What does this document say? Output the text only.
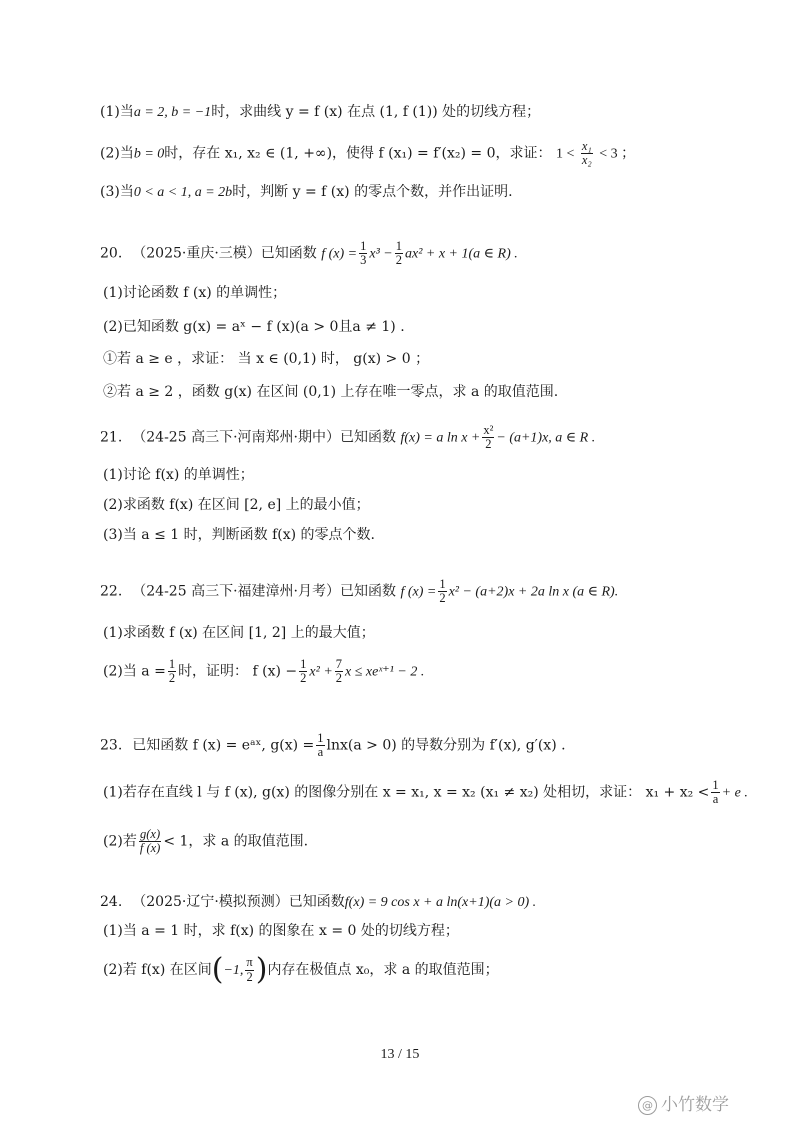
(1)当a = 2, b = −1时，求曲线 y = f (x) 在点 (1, f (1)) 处的切线方程；
(2)当b = 0时，存在 x₁, x₂ ∈ (1, +∞)，使得 f (x₁) = f′(x₂) = 0，求证： $1 < \frac{\text{x₁}}{\text{x₂}} < 3$ ；
(3)当0 < a < 1, a = 2b时，判断 y = f (x) 的零点个数，并作出证明.
20. （2025·重庆·三模）已知函数 f $(x) = \frac{1}{3} x^3 - \frac{1}{2} ax^2 + x + 1(a$ ∈ R) .
(1)讨论函数 f (x) 的单调性；
(2)已知函数 g(x) = aˣ − f (x)(a > 0且a ≠ 1) .
①若 a ≥ e ，求证： 当 x ∈ (0,1) 时， g(x) > 0 ；
②若 a ≥ 2 ，函数 g(x) 在区间 (0,1) 上存在唯一零点，求 a 的取值范围.
21. （24-25 高三下·河南郑州·期中）已知函数 f(x) = a $\ln x + \frac{\text{x²}}{2} - (a+1)x$, a ∈ R .
(1)讨论 f(x) 的单调性；
(2)求函数 f(x) 在区间 [2, e] 上的最小值；
(3)当 a ≤ 1 时，判断函数 f(x) 的零点个数.
22. （24-25 高三下·福建漳州·月考）已知函数 f $(x) = \frac{1}{2} x^2 - (a+2)x + 2a$ ln x (a ∈ R).
(1)求函数 f (x) 在区间 [1, 2] 上的最大值；
(2)当 $a = \frac{1}{2}$ 时，证明： f $(x) - \frac{1}{2} x^2 + \frac{7}{2}$ x ≤ xeˣ⁺¹ − 2 .
23. 已知函数 f (x) = eᵃˣ, $g(x) = \frac{1}{a} \ln x(a > 0)$ 的导数分别为 f′(x), g′(x) .
(1)若存在直线 l 与 f (x), g(x) 的图像分别在 x = x₁, x = x₂ (x₁ ≠ x₂) 处相切，求证： $x_1 + x_2 < \frac{1}{a} + e$ .
(2)若 $\frac{g(x)}{f (x)} < 1$，求 a 的取值范围.
24. （2025·辽宁·模拟预测）已知函数f(x) = 9 cos x + a ln(x+1)(a > 0) .
(1)当 a = 1 时，求 f(x) 的图象在 x = 0 处的切线方程；
(2)若 f(x) 在区间(−1, $\frac{\pi}{2}$ )内存在极值点 x₀，求 a 的取值范围；
13 / 15
@ 小竹数学
